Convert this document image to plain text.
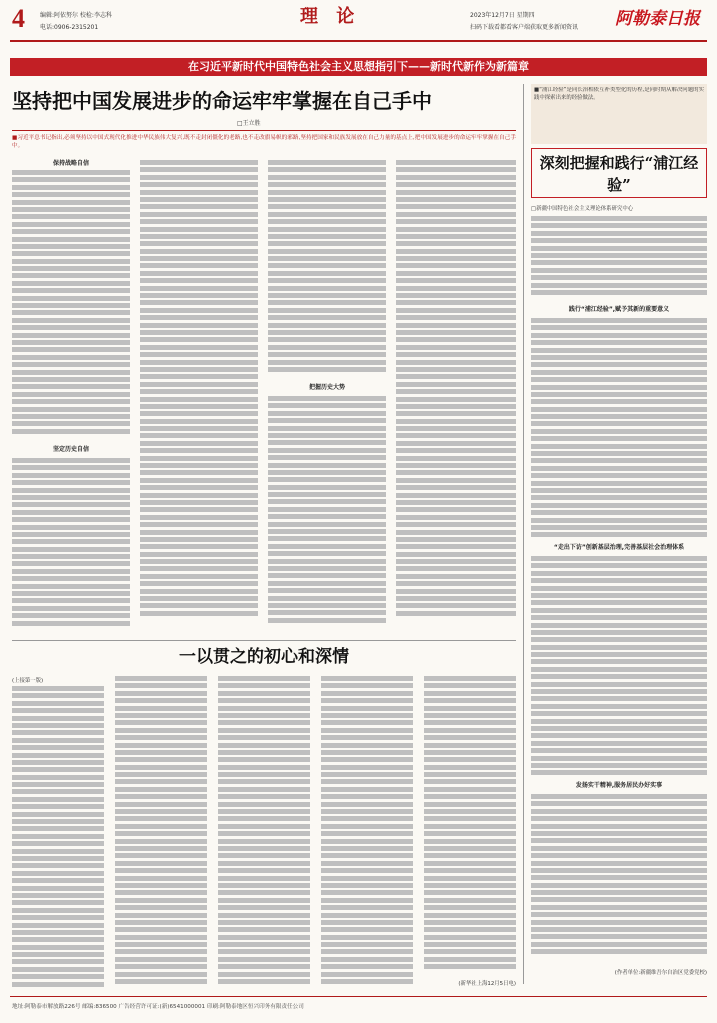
4	编辑:阿依努尔 校检:李志科
电话:0906-2315201
理 论	2023年12月7日 星期四
扫码下载看都看客户端获取更多新闻资讯 阿勒泰日报
在习近平新时代中国特色社会主义思想指引下——新时代新作为新篇章
坚持把中国发展进步的命运牢牢掌握在自己手中
□王立胜
■习近平总书记指出,必须坚持以中国式现代化推进中华民族伟大复兴,既不走封闭僵化的老路,也不走改旗易帜的邪路,坚持把国家和民族发展放在自己力量的基点上,把中国发展进步的命运牢牢掌握在自己手中。
保持战略自信
坚定历史自信
把握历史大势
■“浦江经验”是同长治相依互补类型化的历程,是同时期从解决问题的实践中探索出来的经验做法。
深刻把握和践行“浦江经验”
□新疆中国特色社会主义理论体系研究中心
践行“浦江经验”,赋予其新的重要意义
“走出下访”创新基层治理,完善基层社会治理体系
发扬实干精神,服务居民办好实事
(作者单位:新疆维吾尔自治区党委党校)
一以贯之的初心和深情
(上接第一版)
(新华社上海12月5日电)
地址:阿勒泰市解放路226号 邮编:836500 广告经营许可证:(新)6541000001 印刷:阿勒泰地区恒兴印务有限责任公司
